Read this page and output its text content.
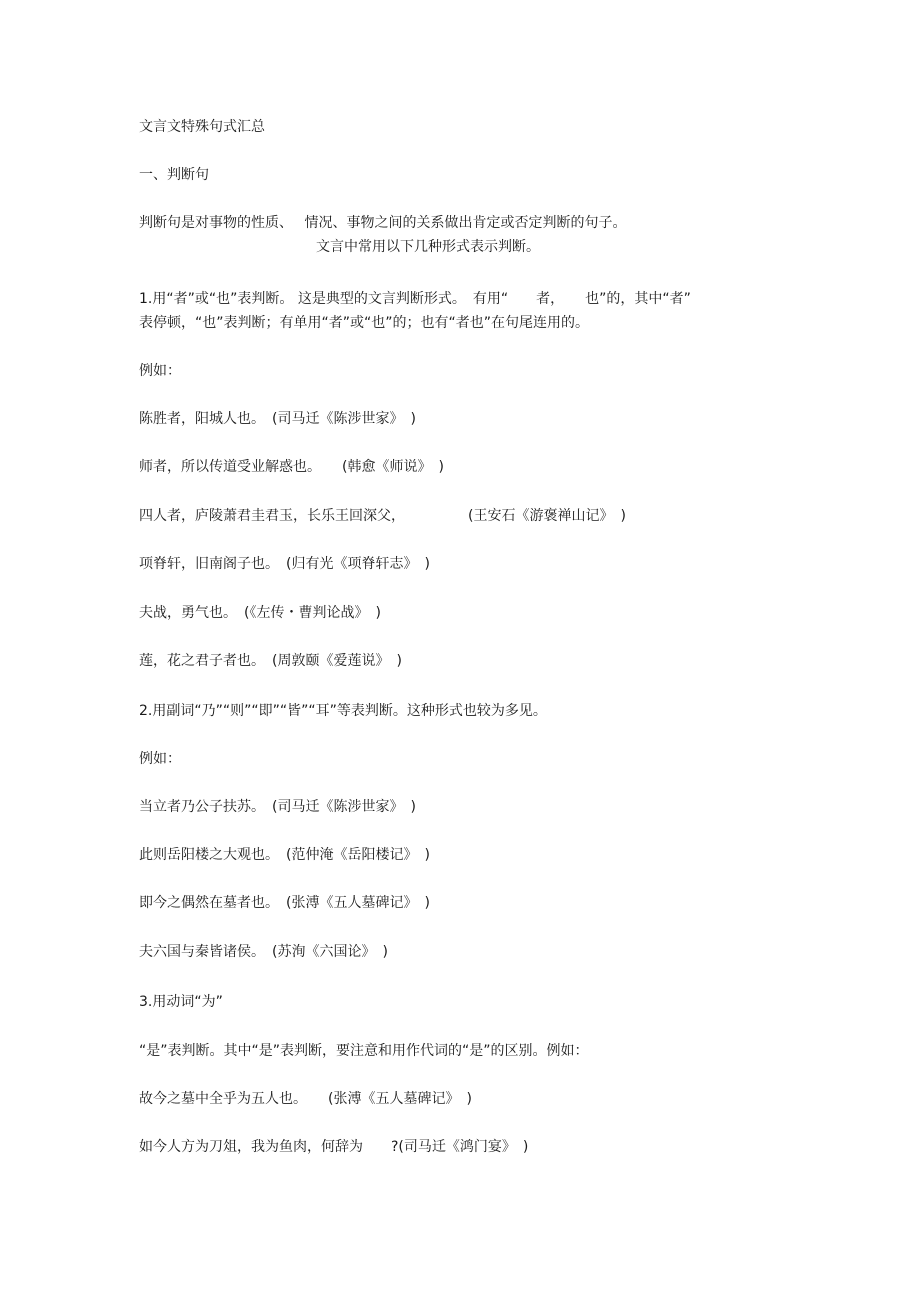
文言文特殊句式汇总
一、判断句
判断句是对事物的性质、　 情况、事物之间的关系做出肯定或否定判断的句子。
文言中常用以下几种形式表示判断。
1.用“者”或“也”表判断。 这是典型的文言判断形式。　有用“　　者，　　也”的，其中“者”
表停顿，“也”表判断；有单用“者”或“也”的；也有“者也”在句尾连用的。
例如：
陈胜者，阳城人也。　(司马迁《陈涉世家》　)
师者，所以传道受业解惑也。　　(韩愈《师说》　)
四人者，庐陵萧君圭君玉，长乐王回深父，　　　　　(王安石《游褒禅山记》　)
项脊轩，旧南阁子也。　(归有光《项脊轩志》　)
夫战，勇气也。　(《左传・曹判论战》　)
莲，花之君子者也。　(周敦颐《爱莲说》　)
2.用副词“乃”“则”“即”“皆”“耳”等表判断。这种形式也较为多见。
例如：
当立者乃公子扶苏。　(司马迁《陈涉世家》　)
此则岳阳楼之大观也。　(范仲淹《岳阳楼记》　)
即今之偶然在墓者也。　(张溥《五人墓碑记》　)
夫六国与秦皆诸侯。　(苏洵《六国论》　)
3.用动词“为”
“是”表判断。其中“是”表判断，要注意和用作代词的“是”的区别。例如：
故今之墓中全乎为五人也。　　(张溥《五人墓碑记》　)
如今人方为刀俎，我为鱼肉，何辞为　　?(司马迁《鸿门宴》　)
